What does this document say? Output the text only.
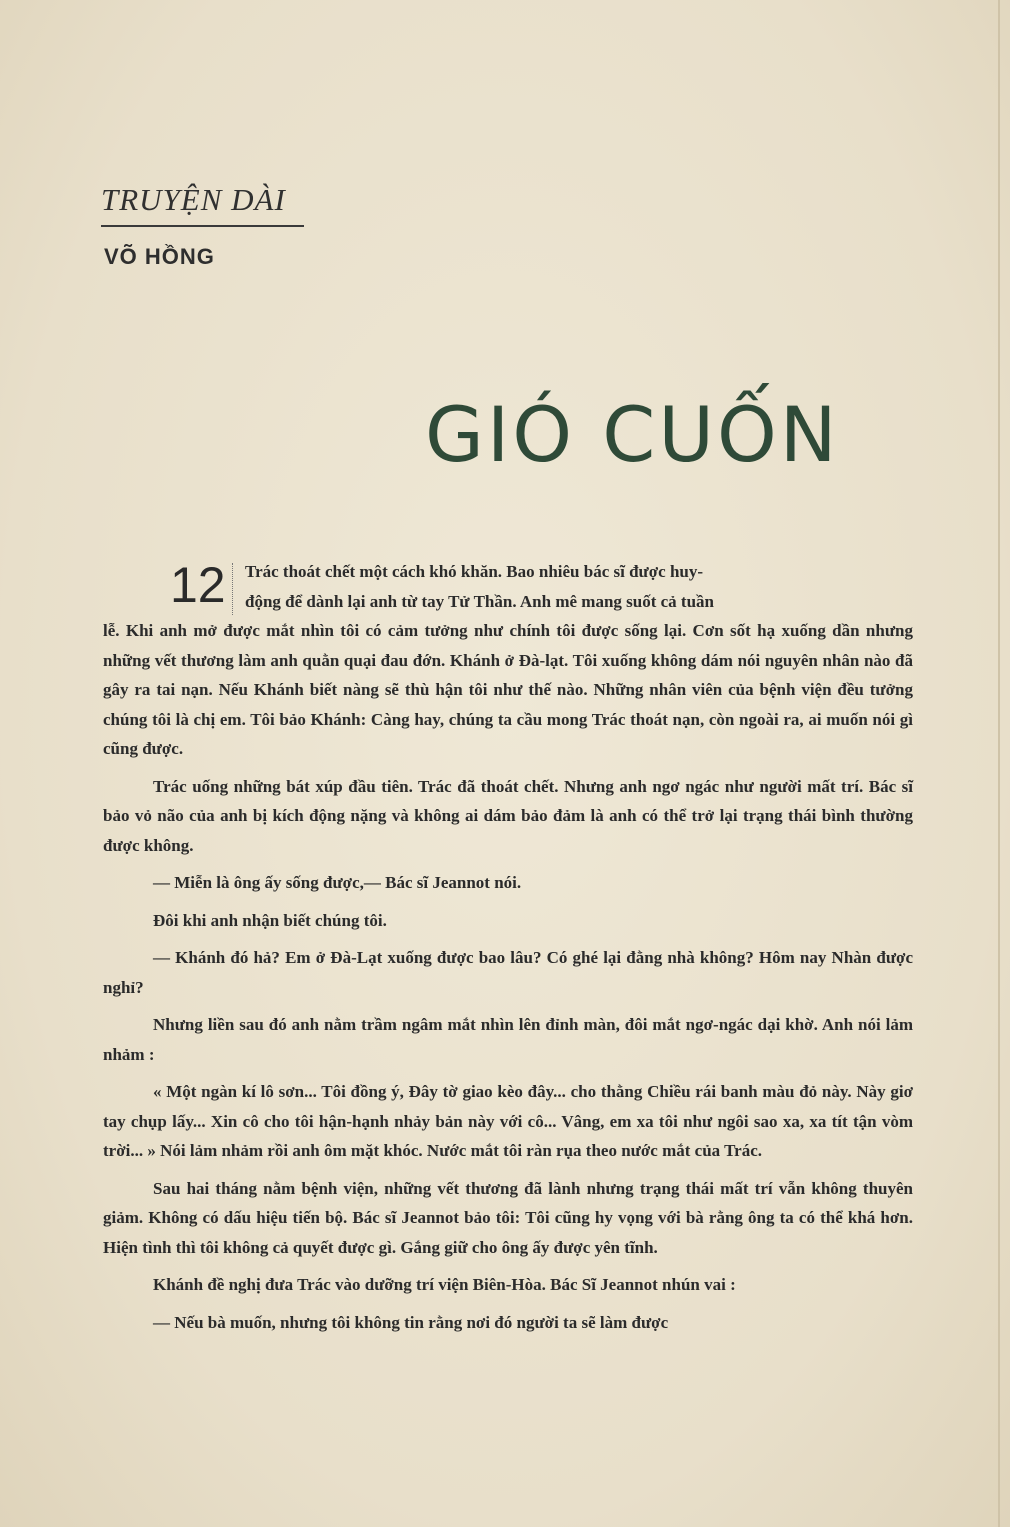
TRUYỆN DÀI
VÕ HỒNG
GIÓ CUỐN
12	Trác thoát chết một cách khó khăn. Bao nhiêu bác sĩ được huy-
động để dành lại anh từ tay Tử Thần. Anh mê mang suốt cả tuần
lễ. Khi anh mở được mắt nhìn tôi có cảm tưởng như chính tôi được sống lại. Cơn sốt hạ xuống dần nhưng những vết thương làm anh quằn quại đau đớn. Khánh ở Đà-lạt. Tôi xuống không dám nói nguyên nhân nào đã gây ra tai nạn. Nếu Khánh biết nàng sẽ thù hận tôi như thế nào. Những nhân viên của bệnh viện đều tưởng chúng tôi là chị em. Tôi bảo Khánh: Càng hay, chúng ta cầu mong Trác thoát nạn, còn ngoài ra, ai muốn nói gì cũng được.

Trác uống những bát xúp đầu tiên. Trác đã thoát chết. Nhưng anh ngơ ngác như người mất trí. Bác sĩ bảo vỏ não của anh bị kích động nặng và không ai dám bảo đảm là anh có thể trở lại trạng thái bình thường được không.

— Miễn là ông ấy sống được,— Bác sĩ Jeannot nói.

Đôi khi anh nhận biết chúng tôi.

— Khánh đó hả? Em ở Đà-Lạt xuống được bao lâu? Có ghé lại đằng nhà không? Hôm nay Nhàn được nghỉ?

Nhưng liền sau đó anh nằm trầm ngâm mắt nhìn lên đỉnh màn, đôi mắt ngơ-ngác dại khờ. Anh nói lảm nhảm :

« Một ngàn kí lô sơn... Tôi đồng ý, Đây tờ giao kèo đây... cho thằng Chiều rái banh màu đỏ này. Này giơ tay chụp lấy... Xin cô cho tôi hận-hạnh nhảy bản này với cô... Vâng, em xa tôi như ngôi sao xa, xa tít tận vòm trời... » Nói lảm nhảm rồi anh ôm mặt khóc. Nước mắt tôi ràn rụa theo nước mắt của Trác.

Sau hai tháng nằm bệnh viện, những vết thương đã lành nhưng trạng thái mất trí vẫn không thuyên giảm. Không có dấu hiệu tiến bộ. Bác sĩ Jeannot bảo tôi: Tôi cũng hy vọng với bà rằng ông ta có thể khá hơn. Hiện tình thì tôi không cả quyết được gì. Gắng giữ cho ông ấy được yên tĩnh.

Khánh đề nghị đưa Trác vào dưỡng trí viện Biên-Hòa. Bác Sĩ Jeannot nhún vai :

— Nếu bà muốn, nhưng tôi không tin rằng nơi đó người ta sẽ làm được
